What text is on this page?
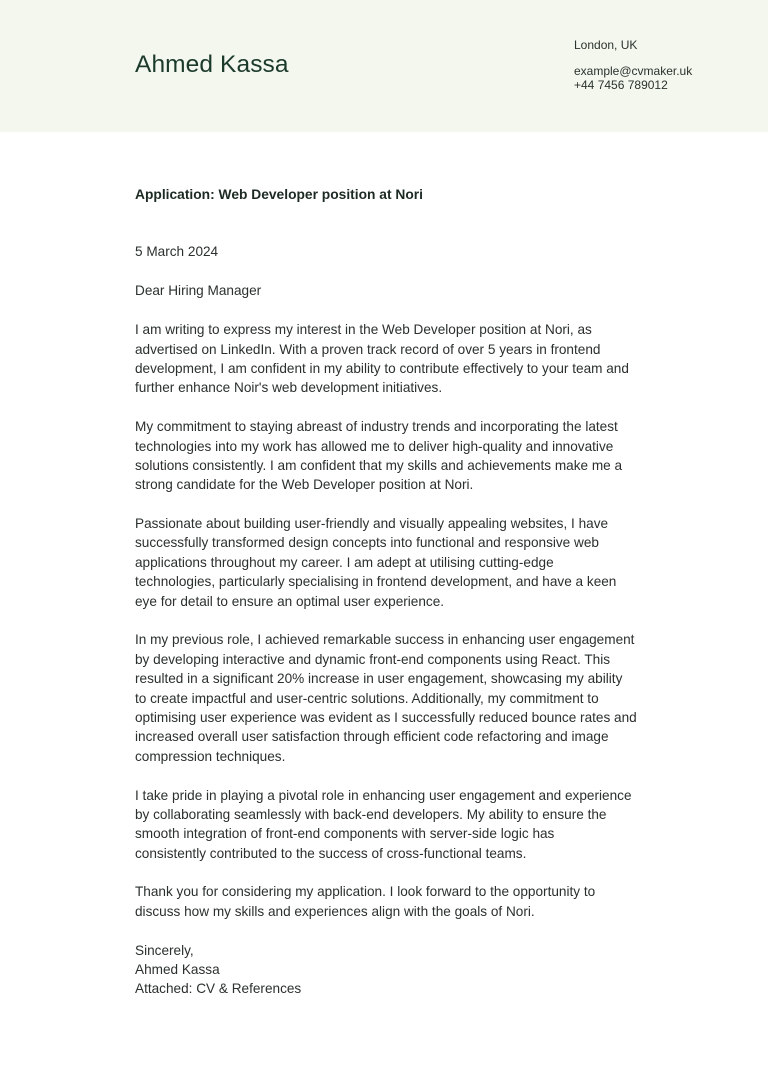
Ahmed Kassa
London, UK
example@cvmaker.uk
+44 7456 789012
Application: Web Developer position at Nori
5 March 2024
Dear Hiring Manager
I am writing to express my interest in the Web Developer position at Nori, as
advertised on LinkedIn. With a proven track record of over 5 years in frontend
development, I am confident in my ability to contribute effectively to your team and
further enhance Noir's web development initiatives.
My commitment to staying abreast of industry trends and incorporating the latest
technologies into my work has allowed me to deliver high-quality and innovative
solutions consistently. I am confident that my skills and achievements make me a
strong candidate for the Web Developer position at Nori.
Passionate about building user-friendly and visually appealing websites, I have
successfully transformed design concepts into functional and responsive web
applications throughout my career. I am adept at utilising cutting-edge
technologies, particularly specialising in frontend development, and have a keen
eye for detail to ensure an optimal user experience.
In my previous role, I achieved remarkable success in enhancing user engagement
by developing interactive and dynamic front-end components using React. This
resulted in a significant 20% increase in user engagement, showcasing my ability
to create impactful and user-centric solutions. Additionally, my commitment to
optimising user experience was evident as I successfully reduced bounce rates and
increased overall user satisfaction through efficient code refactoring and image
compression techniques.
I take pride in playing a pivotal role in enhancing user engagement and experience
by collaborating seamlessly with back-end developers. My ability to ensure the
smooth integration of front-end components with server-side logic has
consistently contributed to the success of cross-functional teams.
Thank you for considering my application. I look forward to the opportunity to
discuss how my skills and experiences align with the goals of Nori.
Sincerely,
Ahmed Kassa
Attached: CV & References
